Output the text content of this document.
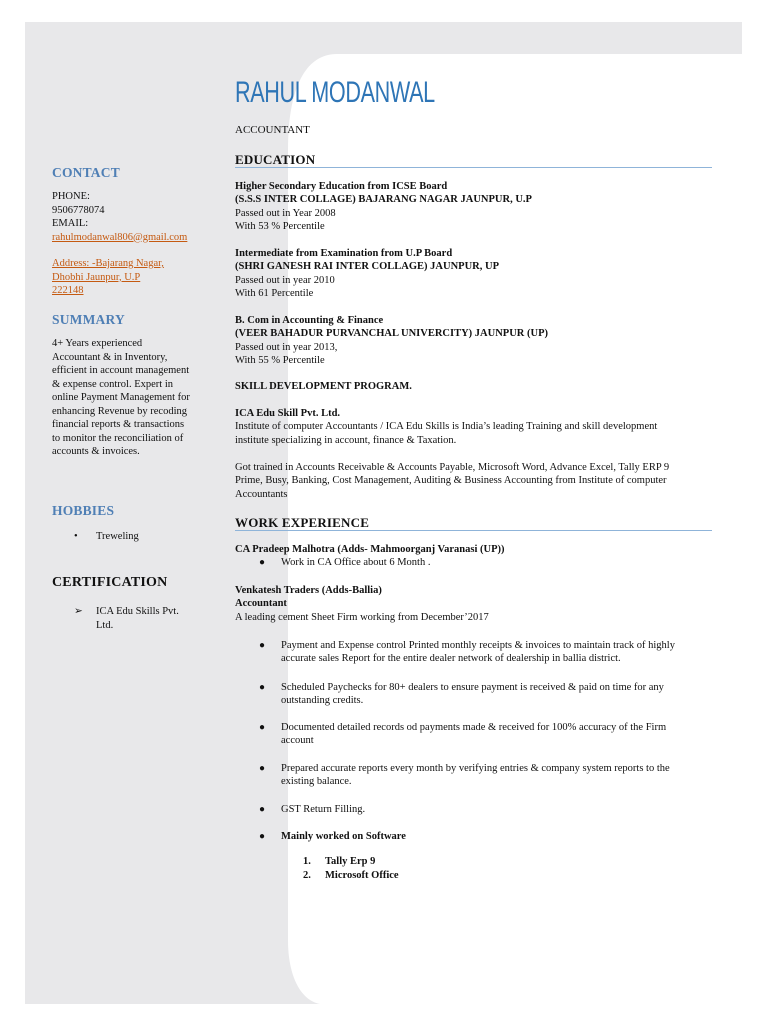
CONTACT
PHONE:
9506778074
EMAIL:
rahulmodanwal806@gmail.com
Address: -Bajarang Nagar,
Dhobhi Jaunpur, U.P
222148
SUMMARY
4+ Years experienced
Accountant & in Inventory,
efficient in account management
& expense control. Expert in
online Payment Management for
enhancing Revenue by recoding
financial reports & transactions
to monitor the reconciliation of
accounts & invoices.
HOBBIES
•	Treweling
CERTIFICATION
➢	ICA Edu Skills Pvt.
Ltd.
RAHUL MODANWAL
ACCOUNTANT
EDUCATION
Higher Secondary Education from ICSE Board
(S.S.S INTER COLLAGE) BAJARANG NAGAR JAUNPUR, U.P
Passed out in Year 2008
With 53 % Percentile
Intermediate from Examination from U.P Board
(SHRI GANESH RAI INTER COLLAGE) JAUNPUR, UP
Passed out in year 2010
With 61 Percentile
B. Com in Accounting & Finance
(VEER BAHADUR PURVANCHAL UNIVERCITY) JAUNPUR (UP)
Passed out in year 2013,
With 55 % Percentile
SKILL DEVELOPMENT PROGRAM.
ICA Edu Skill Pvt. Ltd.
Institute of computer Accountants / ICA Edu Skills is India’s leading Training and skill development
institute specializing in account, finance & Taxation.
Got trained in Accounts Receivable & Accounts Payable, Microsoft Word, Advance Excel, Tally ERP 9
Prime, Busy, Banking, Cost Management, Auditing & Business Accounting from Institute of computer
Accountants
WORK EXPERIENCE
CA Pradeep Malhotra (Adds- Mahmoorganj Varanasi (UP))
● Work in CA Office about 6 Month .
Venkatesh Traders (Adds-Ballia)
Accountant
A leading cement Sheet Firm working from December’2017
● Payment and Expense control Printed monthly receipts & invoices to maintain track of highly
accurate sales Report for the entire dealer network of dealership in ballia district.
● Scheduled Paychecks for 80+ dealers to ensure payment is received & paid on time for any
outstanding credits.
● Documented detailed records od payments made & received for 100% accuracy of the Firm
account
● Prepared accurate reports every month by verifying entries & company system reports to the
existing balance.
● GST Return Filling.
● Mainly worked on Software
1. Tally Erp 9
2. Microsoft Office
